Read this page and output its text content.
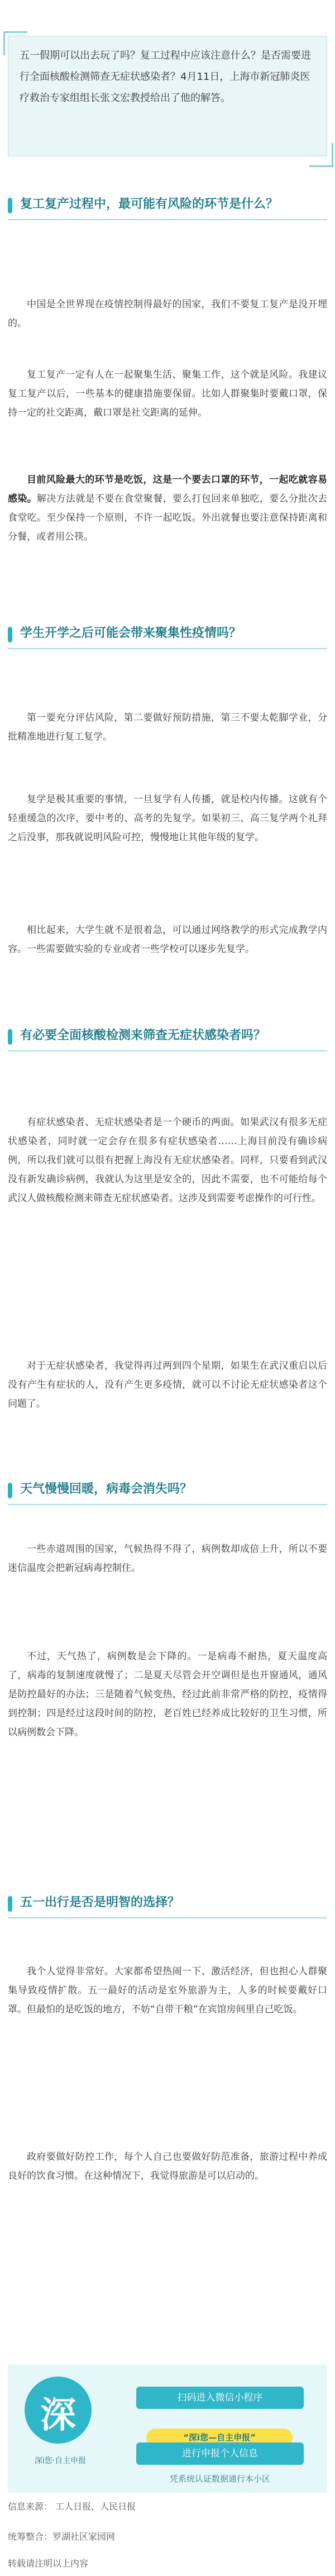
五一假期可以出去玩了吗？复工过程中应该注意什么？是否需要进行全面核酸检测筛查无症状感染者？4月11日，上海市新冠肺炎医疗救治专家组组长张文宏教授给出了他的解答。
复工复产过程中，最可能有风险的环节是什么？
中国是全世界现在疫情控制得最好的国家，我们不要复工复产是没开埋的。
复工复产一定有人在一起聚集生活、聚集工作，这个就是风险。我建议复工复产以后，一些基本的健康措施要保留。比如人群聚集时要戴口罩，保持一定的社交距离，戴口罩是社交距离的延伸。
目前风险最大的环节是吃饭，这是一个要去口罩的环节，一起吃就容易感染。解决方法就是不要在食堂聚餐，要么打包回来单独吃，要么分批次去食堂吃。至少保持一个原则，不许一起吃饭。外出就餐也要注意保持距离和分餐，或者用公筷。
学生开学之后可能会带来聚集性疫情吗？
第一要充分评估风险，第二要做好预防措施，第三不要太乾脚学业，分批精准地进行复工复学。
复学是极其重要的事情，一旦复学有人传播，就是校内传播。这就有个轻重缓急的次序，要中考的、高考的先复学。如果初三、高三复学两个礼拜之后没事，那我就说明风险可控，慢慢地让其他年级的复学。
相比起来，大学生就不是很着急，可以通过网络教学的形式完成教学内容。一些需要做实验的专业或者一些学校可以逐步先复学。
有必要全面核酸检测来筛查无症状感染者吗？
有症状感染者、无症状感染者是一个硬币的两面。如果武汉有很多无症状感染者，同时就一定会存在很多有症状感染者……上海目前没有确诊病例，所以我们就可以很有把握上海没有无症状感染者。同样，只要看到武汉没有新发确诊病例，我就认为这里是安全的，因此不需要，也不可能给每个武汉人做核酸检测来筛查无症状感染者。这涉及到需要考虑操作的可行性。
对于无症状感染者，我觉得再过两到四个星期，如果生在武汉重启以后没有产生有症状的人，没有产生更多疫情，就可以不讨论无症状感染者这个问题了。
天气慢慢回暖，病毒会消失吗？
一些赤道周围的国家，气候热得不得了，病例数却成倍上升，所以不要迷信温度会把新冠病毒控制住。
不过，天气热了，病例数是会下降的。一是病毒不耐热，夏天温度高了，病毒的复制速度就慢了；二是夏天尽管会开空调但是也开窗通风，通风是防控最好的办法；三是随着气候变热，经过此前非常严格的防控，疫情得到控制；四是经过这段时间的防控，老百姓已经养成比较好的卫生习惯，所以病例数会下降。
五一出行是否是明智的选择？
我个人觉得非常好。大家都希望热闹一下、激活经济，但也担心人群聚集导致疫情扩散。五一最好的活动是室外旅游为主，人多的时候要戴好口罩。但最怕的是吃饭的地方，不妨“自带干粮”在宾馆房间里自己吃饭。
政府要做好防控工作，每个人自己也要做好防范准备，旅游过程中养成良好的饮食习惯。在这种情况下，我觉得旅游是可以启动的。
深
深i您·自主申报
扫码进入微信小程序
“深i您—自主申报”
进行申报个人信息
凭系统认证数据通行本小区
信息来源： 工人日报，人民日报
统筹整合：罗湖社区家园网
转载请注明以上内容
